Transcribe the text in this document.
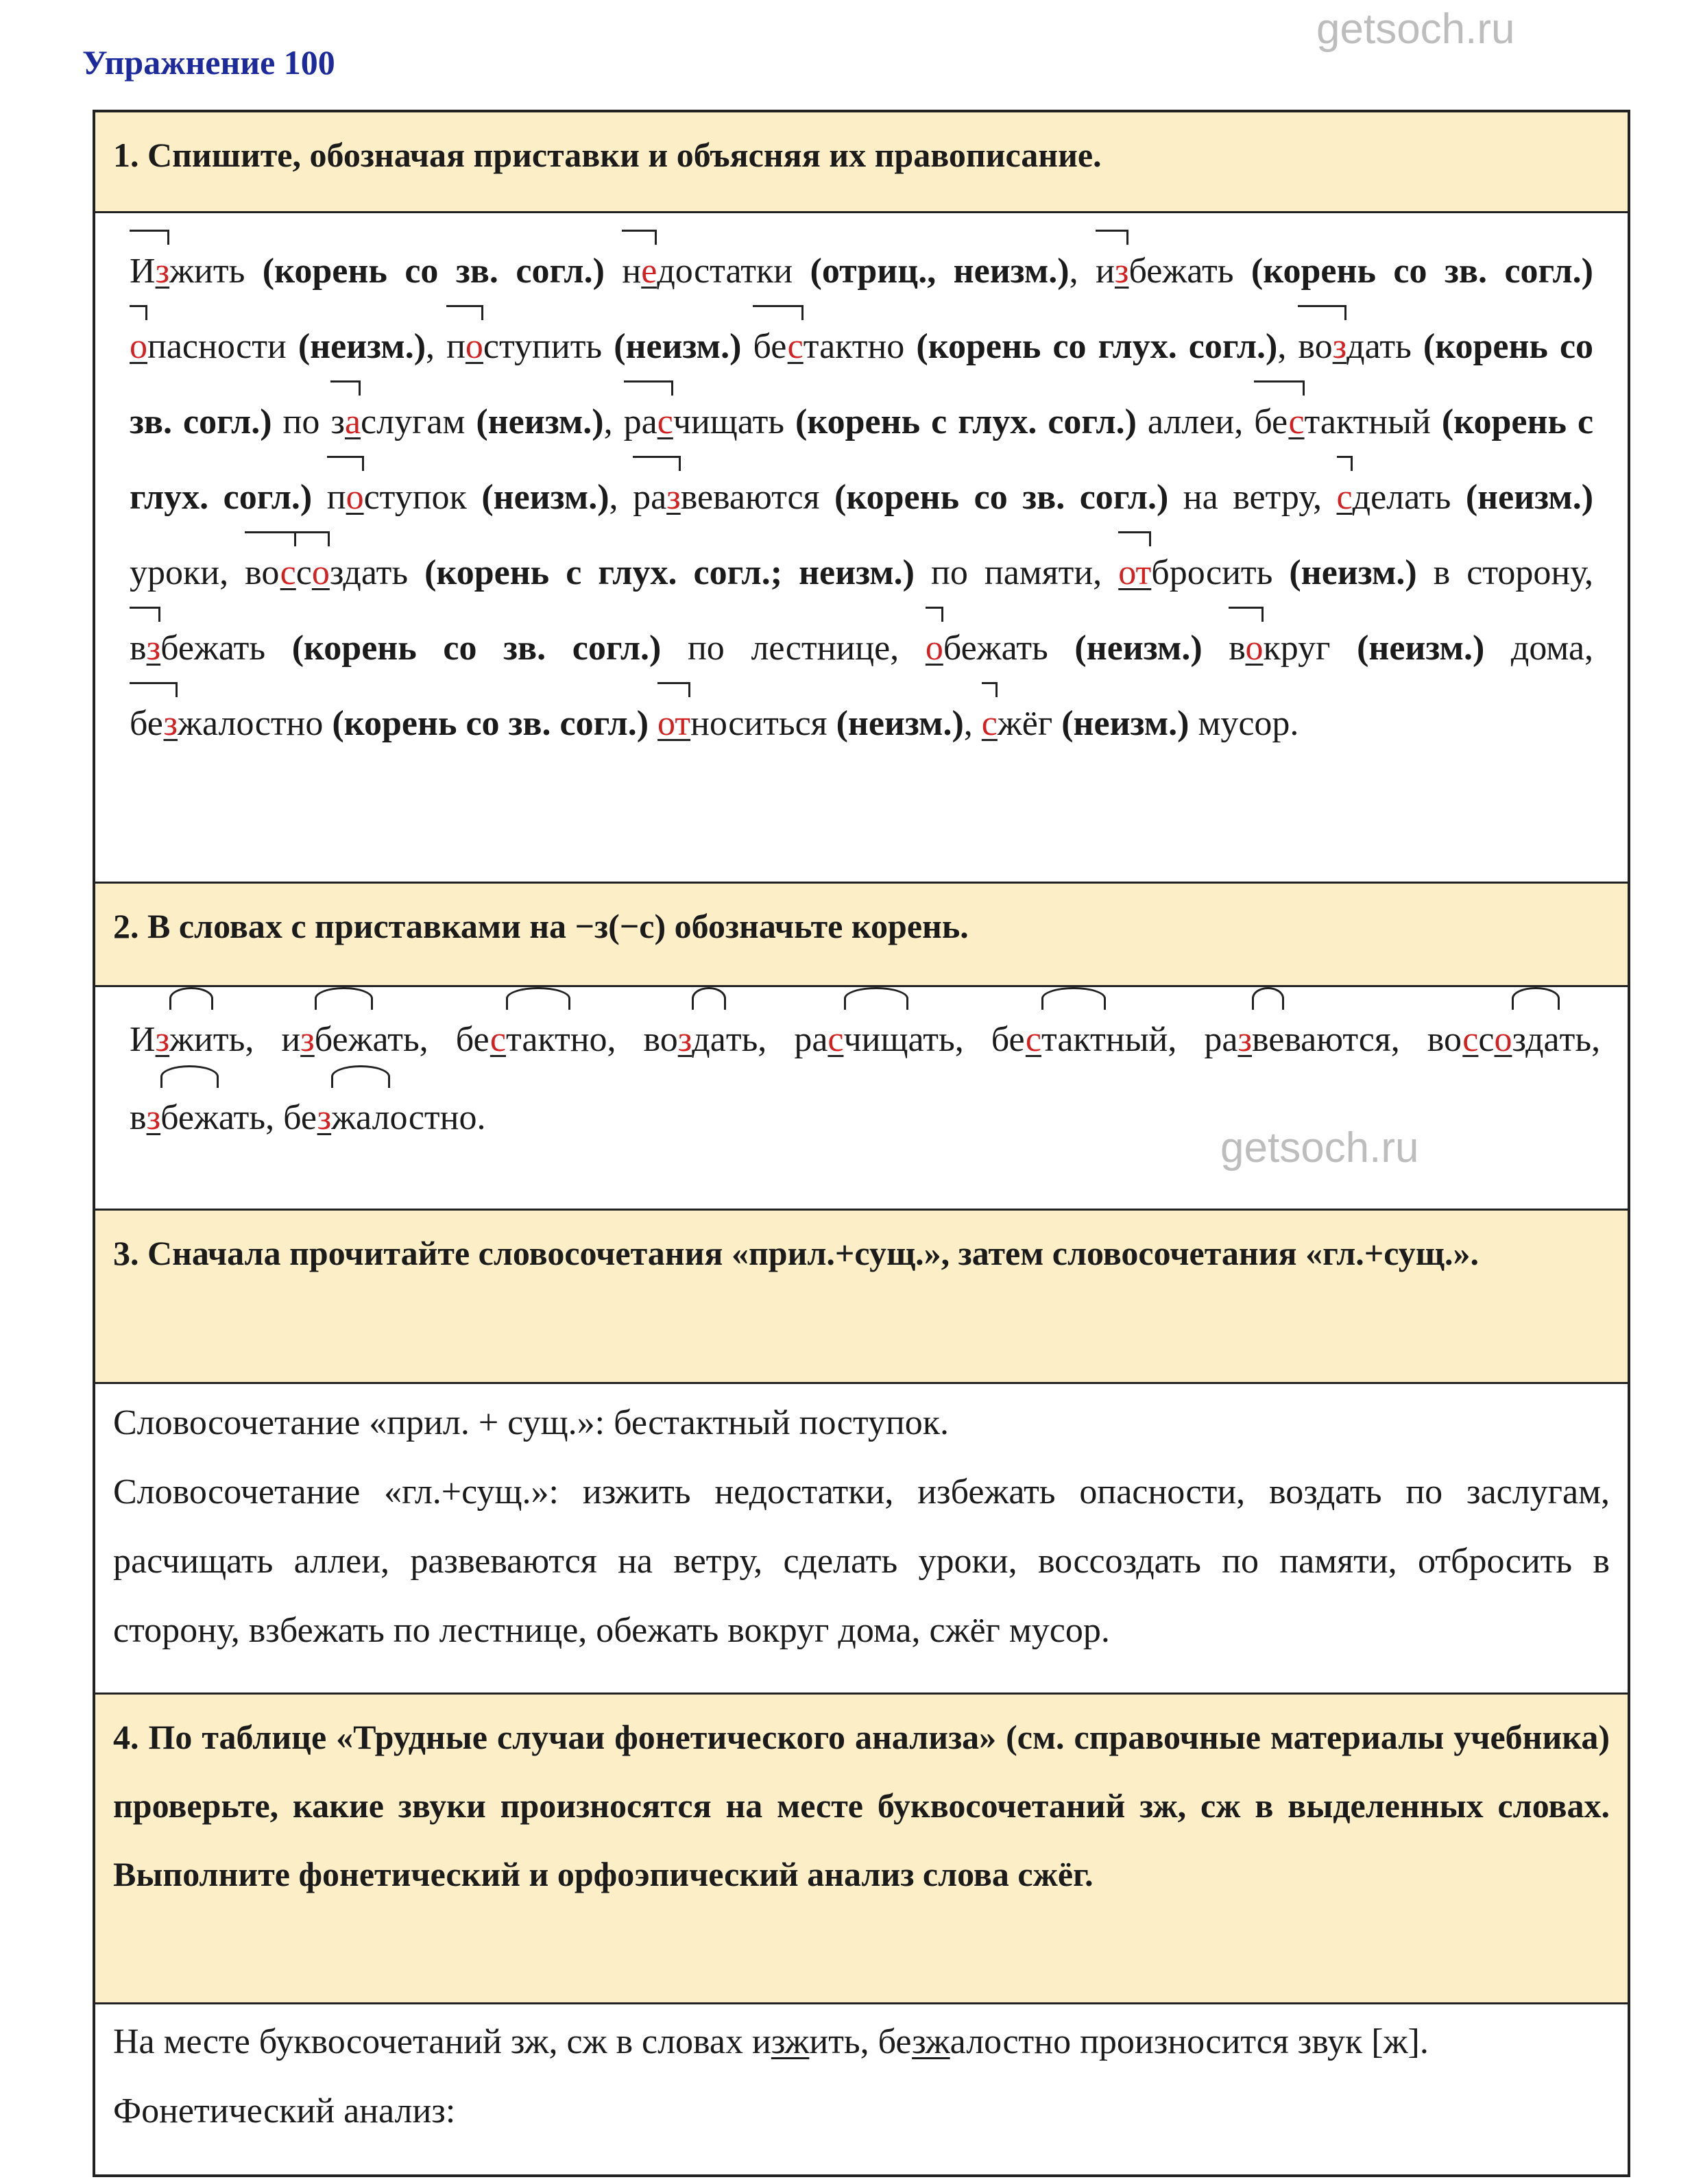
Упражнение 100
1. Спишите, обозначая приставки и объясняя их правописание.
Изжить (корень со зв. согл.) недостатки (отриц., неизм.), избежать (корень со зв. согл.) опасности (неизм.), поступить (неизм.) бестактно (корень со глух. согл.), воздать (корень со зв. согл.) по заслугам (неизм.), расчищать (корень с глух. согл.) аллеи, бестактный (корень с глух. согл.) поступок (неизм.), развеваются (корень со зв. согл.) на ветру, сделать (неизм.) уроки, воссоздать (корень с глух. согл.; неизм.) по памяти, отбросить (неизм.) в сторону, взбежать (корень со зв. согл.) по лестнице, обежать (неизм.) вокруг (неизм.) дома, безжалостно (корень со зв. согл.) относиться (неизм.), сжёг (неизм.) мусор.
2. В словах с приставками на −з(−с) обозначьте корень.
Изжить, избежать, бестактно, воздать, расчищать, бестактный, развеваются, воссоздать, взбежать, безжалостно.
3. Сначала прочитайте словосочетания «прил.+сущ.», затем словосочетания «гл.+сущ.».
Словосочетание «прил. + сущ.»: бестактный поступок.
Словосочетание «гл.+сущ.»: изжить недостатки, избежать опасности, воздать по заслугам, расчищать аллеи, развеваются на ветру, сделать уроки, воссоздать по памяти, отбросить в сторону, взбежать по лестнице, обежать вокруг дома, сжёг мусор.
4. По таблице «Трудные случаи фонетического анализа» (см. справочные материалы учебника) проверьте, какие звуки произносятся на месте буквосочетаний зж, сж в выделенных словах. Выполните фонетический и орфоэпический анализ слова сжёг.
На месте буквосочетаний зж, сж в словах изжить, безжалостно произносится звук [ж].
Фонетический анализ:
getsoch.ru
getsoch.ru
